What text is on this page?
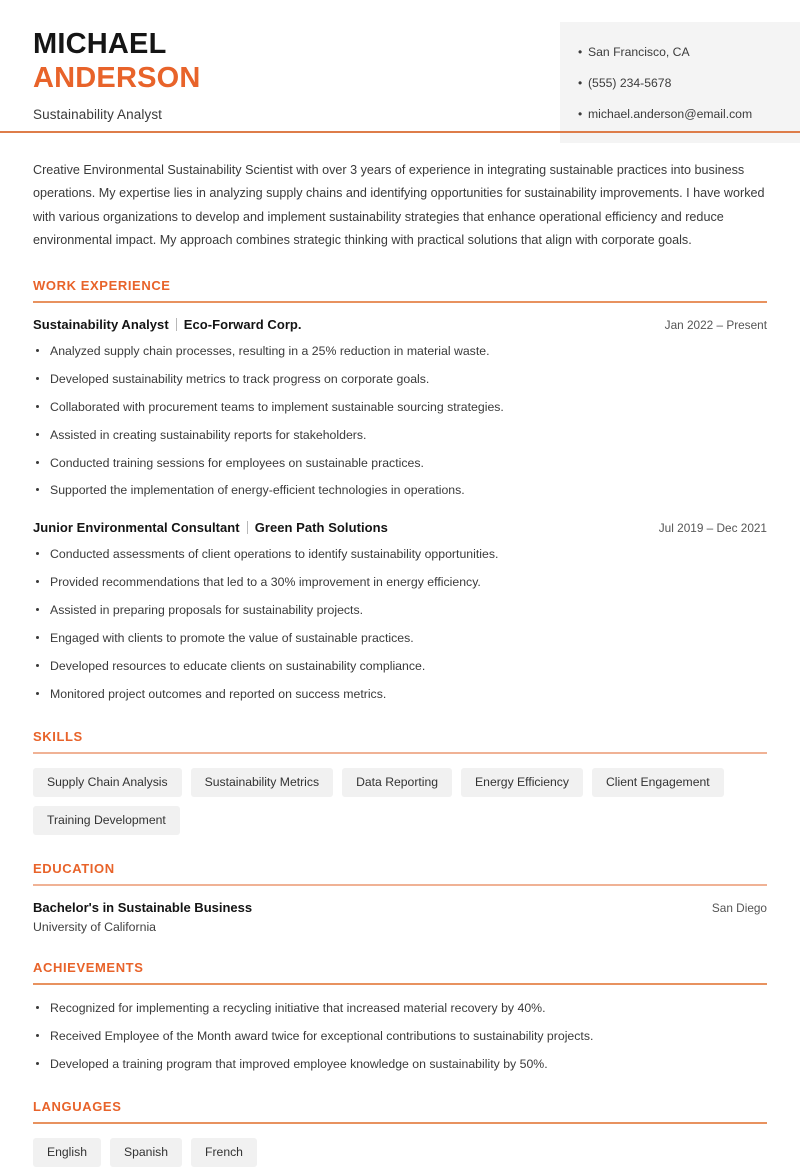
MICHAEL
ANDERSON
Sustainability Analyst
• San Francisco, CA
• (555) 234-5678
• michael.anderson@email.com

Creative Environmental Sustainability Scientist with over 3 years of experience in integrating sustainable practices into business operations. My expertise lies in analyzing supply chains and identifying opportunities for sustainability improvements. I have worked with various organizations to develop and implement sustainability strategies that enhance operational efficiency and reduce environmental impact. My approach combines strategic thinking with practical solutions that align with corporate goals.

WORK EXPERIENCE
Sustainability Analyst Eco-Forward Corp.	Jan 2022 – Present
Analyzed supply chain processes, resulting in a 25% reduction in material waste.
Developed sustainability metrics to track progress on corporate goals.
Collaborated with procurement teams to implement sustainable sourcing strategies.
Assisted in creating sustainability reports for stakeholders.
Conducted training sessions for employees on sustainable practices.
Supported the implementation of energy-efficient technologies in operations.
Junior Environmental Consultant Green Path Solutions	Jul 2019 – Dec 2021
Conducted assessments of client operations to identify sustainability opportunities.
Provided recommendations that led to a 30% improvement in energy efficiency.
Assisted in preparing proposals for sustainability projects.
Engaged with clients to promote the value of sustainable practices.
Developed resources to educate clients on sustainability compliance.
Monitored project outcomes and reported on success metrics.
SKILLS
Supply Chain Analysis	Sustainability Metrics	Data Reporting	Energy Efficiency	Client Engagement
Training Development
EDUCATION
Bachelor's in Sustainable Business	San Diego
University of California
ACHIEVEMENTS
Recognized for implementing a recycling initiative that increased material recovery by 40%.
Received Employee of the Month award twice for exceptional contributions to sustainability projects.
Developed a training program that improved employee knowledge on sustainability by 50%.
LANGUAGES
English	Spanish	French
